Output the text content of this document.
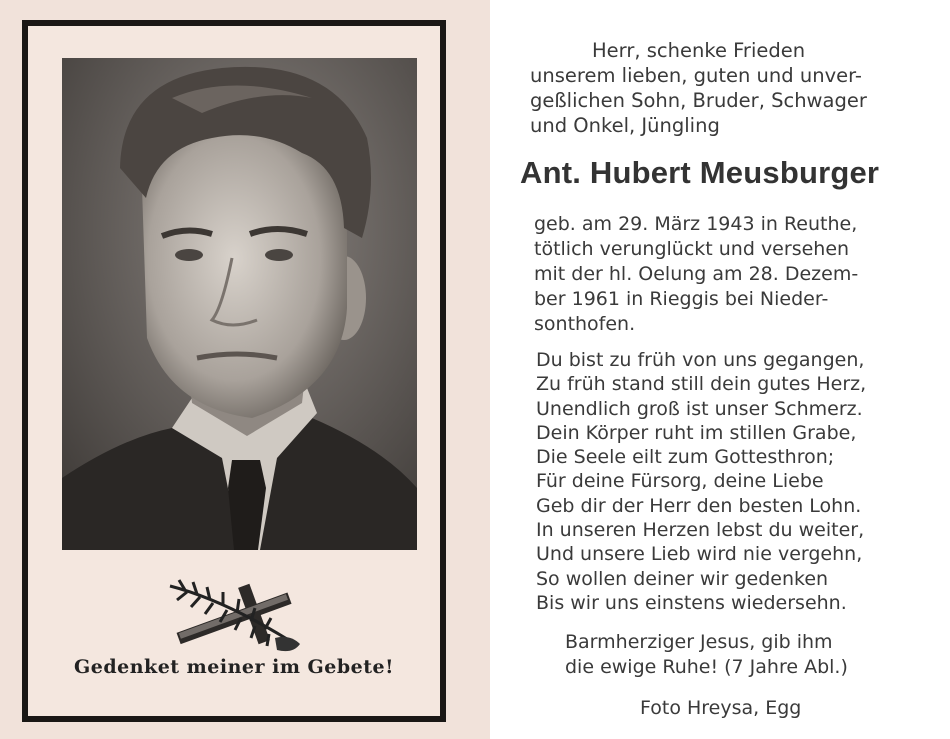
Gedenket meiner im Gebete!
Herr, schenke Frieden
unserem lieben, guten und unver-
geßlichen Sohn, Bruder, Schwager
und Onkel, Jüngling
Ant. Hubert Meusburger
geb. am 29. März 1943 in Reuthe,
tötlich verunglückt und versehen
mit der hl. Oelung am 28. Dezem-
ber 1961 in Rieggis bei Nieder-
sonthofen.
Du bist zu früh von uns gegangen,
Zu früh stand still dein gutes Herz,
Unendlich groß ist unser Schmerz.
Dein Körper ruht im stillen Grabe,
Die Seele eilt zum Gottesthron;
Für deine Fürsorg, deine Liebe
Geb dir der Herr den besten Lohn.
In unseren Herzen lebst du weiter,
Und unsere Lieb wird nie vergehn,
So wollen deiner wir gedenken
Bis wir uns einstens wiedersehn.
Barmherziger Jesus, gib ihm
die ewige Ruhe! (7 Jahre Abl.)
Foto Hreysa, Egg
